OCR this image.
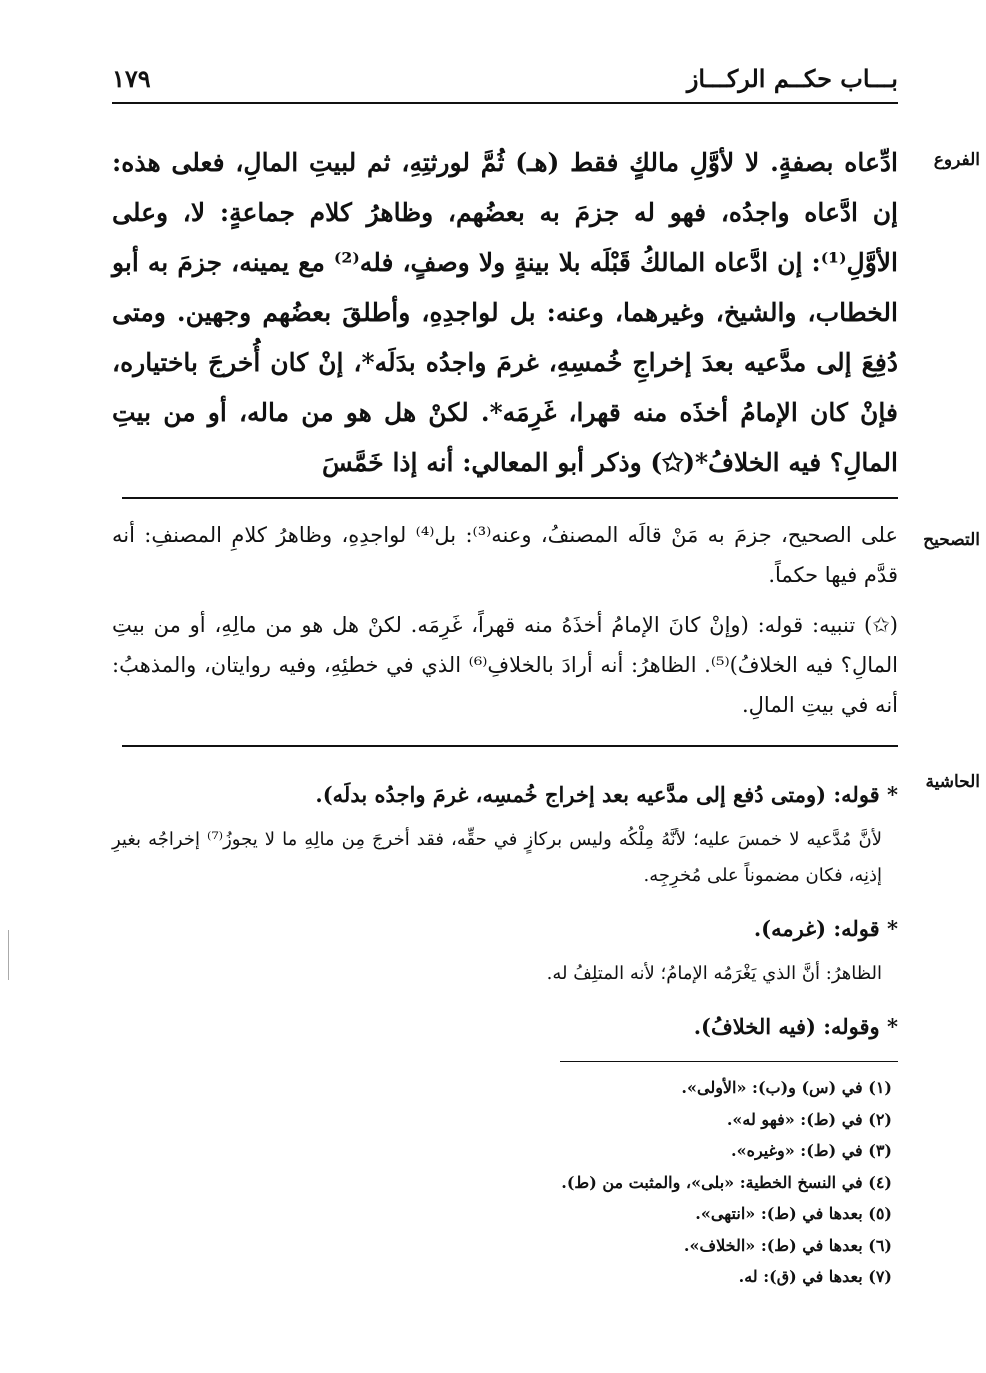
١٧٩	بـــاب حكــم الركـــاز
الفروع

ادِّعاه بصفةٍ. لا لأوَّلِ مالكٍ فقط (هـ) ثُمَّ لورثتِهِ، ثم لبيتِ المالِ، فعلى هذه: إن ادَّعاه واجدُه، فهو له جزمَ به بعضُهم، وظاهرُ كلام جماعةٍ: لا، وعلى الأوَّلِ⁽¹⁾: إن ادَّعاه المالكُ قَبْلَه بلا بينةٍ ولا وصفٍ، فله⁽²⁾ مع يمينه، جزمَ به أبو الخطاب، والشيخ، وغيرهما، وعنه: بل لواجدِهِ، وأطلقَ بعضُهم وجهين. ومتى دُفِعَ إلى مدَّعيه بعدَ إخراجِ خُمسِهِ، غرمَ واجدُه بدَلَه*، إنْ كان أُخرجَ باختياره، فإنْ كان الإمامُ أخذَه منه قهرا، غَرِمَه*. لكنْ هل هو من ماله، أو من بيتِ المالِ؟ فيه الخلافُ*(✩) وذكر أبو المعالي: أنه إذا خَمَّسَ

التصحيح

على الصحيح، جزمَ به مَنْ قالَه المصنفُ، وعنه⁽³⁾: بل⁽⁴⁾ لواجدِهِ، وظاهرُ كلامِ المصنفِ: أنه قدَّم فيها حكماً.

(✩) تنبيه: قوله: (وإنْ كانَ الإمامُ أخذَهُ منه قهراً، غَرِمَه. لكنْ هل هو من مالِهِ، أو من بيتِ المالِ؟ فيه الخلافُ)⁽⁵⁾. الظاهرُ: أنه أرادَ بالخلافِ⁽⁶⁾ الذي في خطئِهِ، وفيه روايتان، والمذهبُ: أنه في بيتِ المالِ.

الحاشية

* قوله: (ومتى دُفع إلى مدَّعيه بعد إخراج خُمسِه، غرمَ واجدُه بدلَه).

لأنَّ مُدَّعيه لا خمسَ عليه؛ لأنَّهُ مِلْكُه وليس بركازٍ في حقِّه، فقد أخرجَ مِن مالِهِ ما لا يجوزُ⁽⁷⁾ إخراجُه بغيرِ إذنِه، فكان مضموناً على مُخرِجِه.

* قوله: (غرمه).

الظاهرُ: أنَّ الذي يَغْرَمُه الإمامُ؛ لأنه المتلِفُ له.

* وقوله: (فيه الخلافُ).

(١) في (س) و(ب): «الأولى».
(٢) في (ط): «فهو له».
(٣) في (ط): «وغيره».
(٤) في النسخ الخطية: «بلى»، والمثبت من (ط).
(٥) بعدها في (ط): «انتهى».
(٦) بعدها في (ط): «الخلاف».
(٧) بعدها في (ق): له.
